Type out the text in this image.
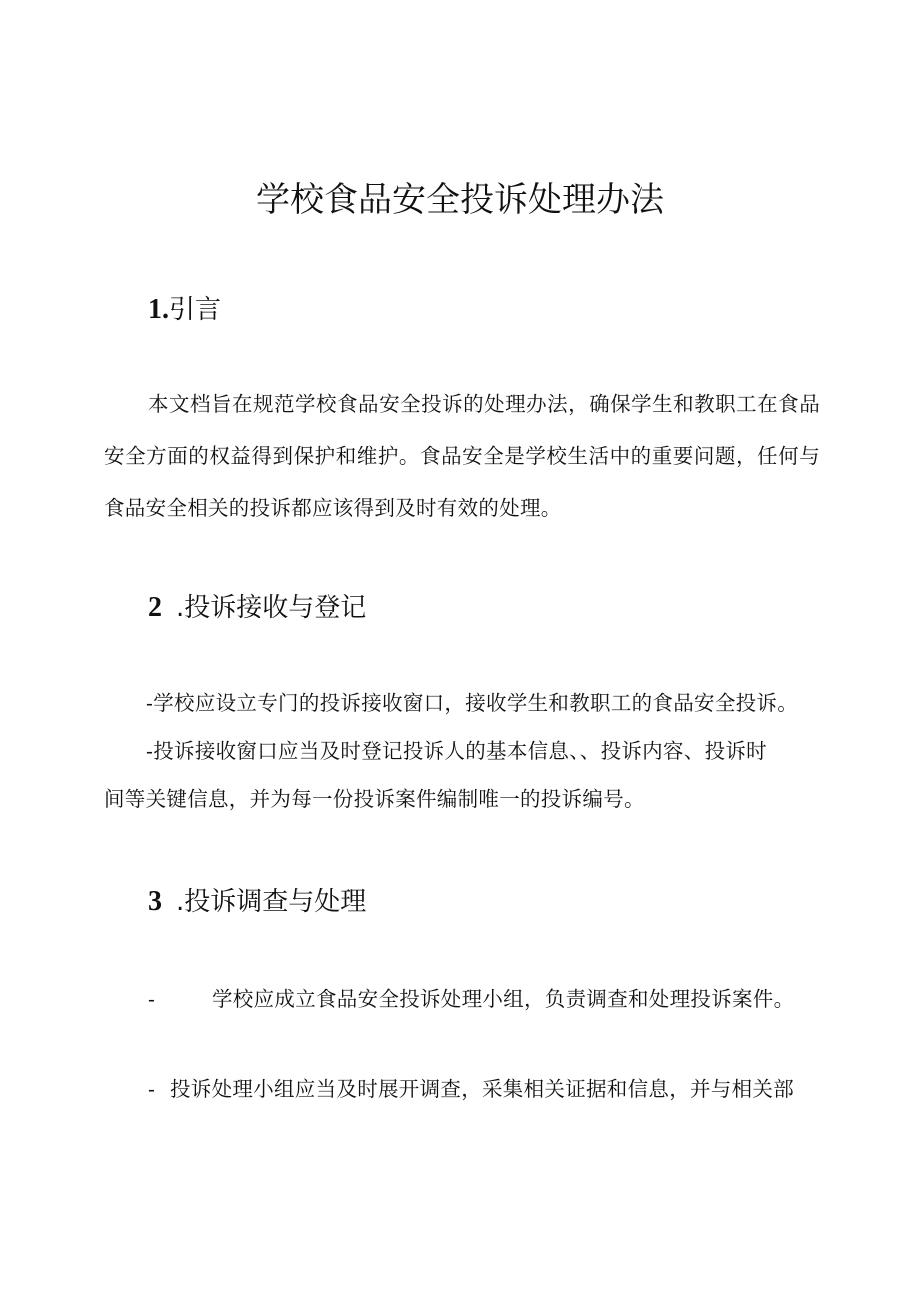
学校食品安全投诉处理办法
1.引言

本文档旨在规范学校食品安全投诉的处理办法，确保学生和教职工在食品安全方面的权益得到保护和维护。食品安全是学校生活中的重要问题，任何与食品安全相关的投诉都应该得到及时有效的处理。

2 .投诉接收与登记
-学校应设立专门的投诉接收窗口，接收学生和教职工的食品安全投诉。
-投诉接收窗口应当及时登记投诉人的基本信息、、投诉内容、投诉时
间等关键信息，并为每一份投诉案件编制唯一的投诉编号。
3 .投诉调查与处理
-	学校应成立食品安全投诉处理小组，负责调查和处理投诉案件。
- 投诉处理小组应当及时展开调查，采集相关证据和信息，并与相关部
